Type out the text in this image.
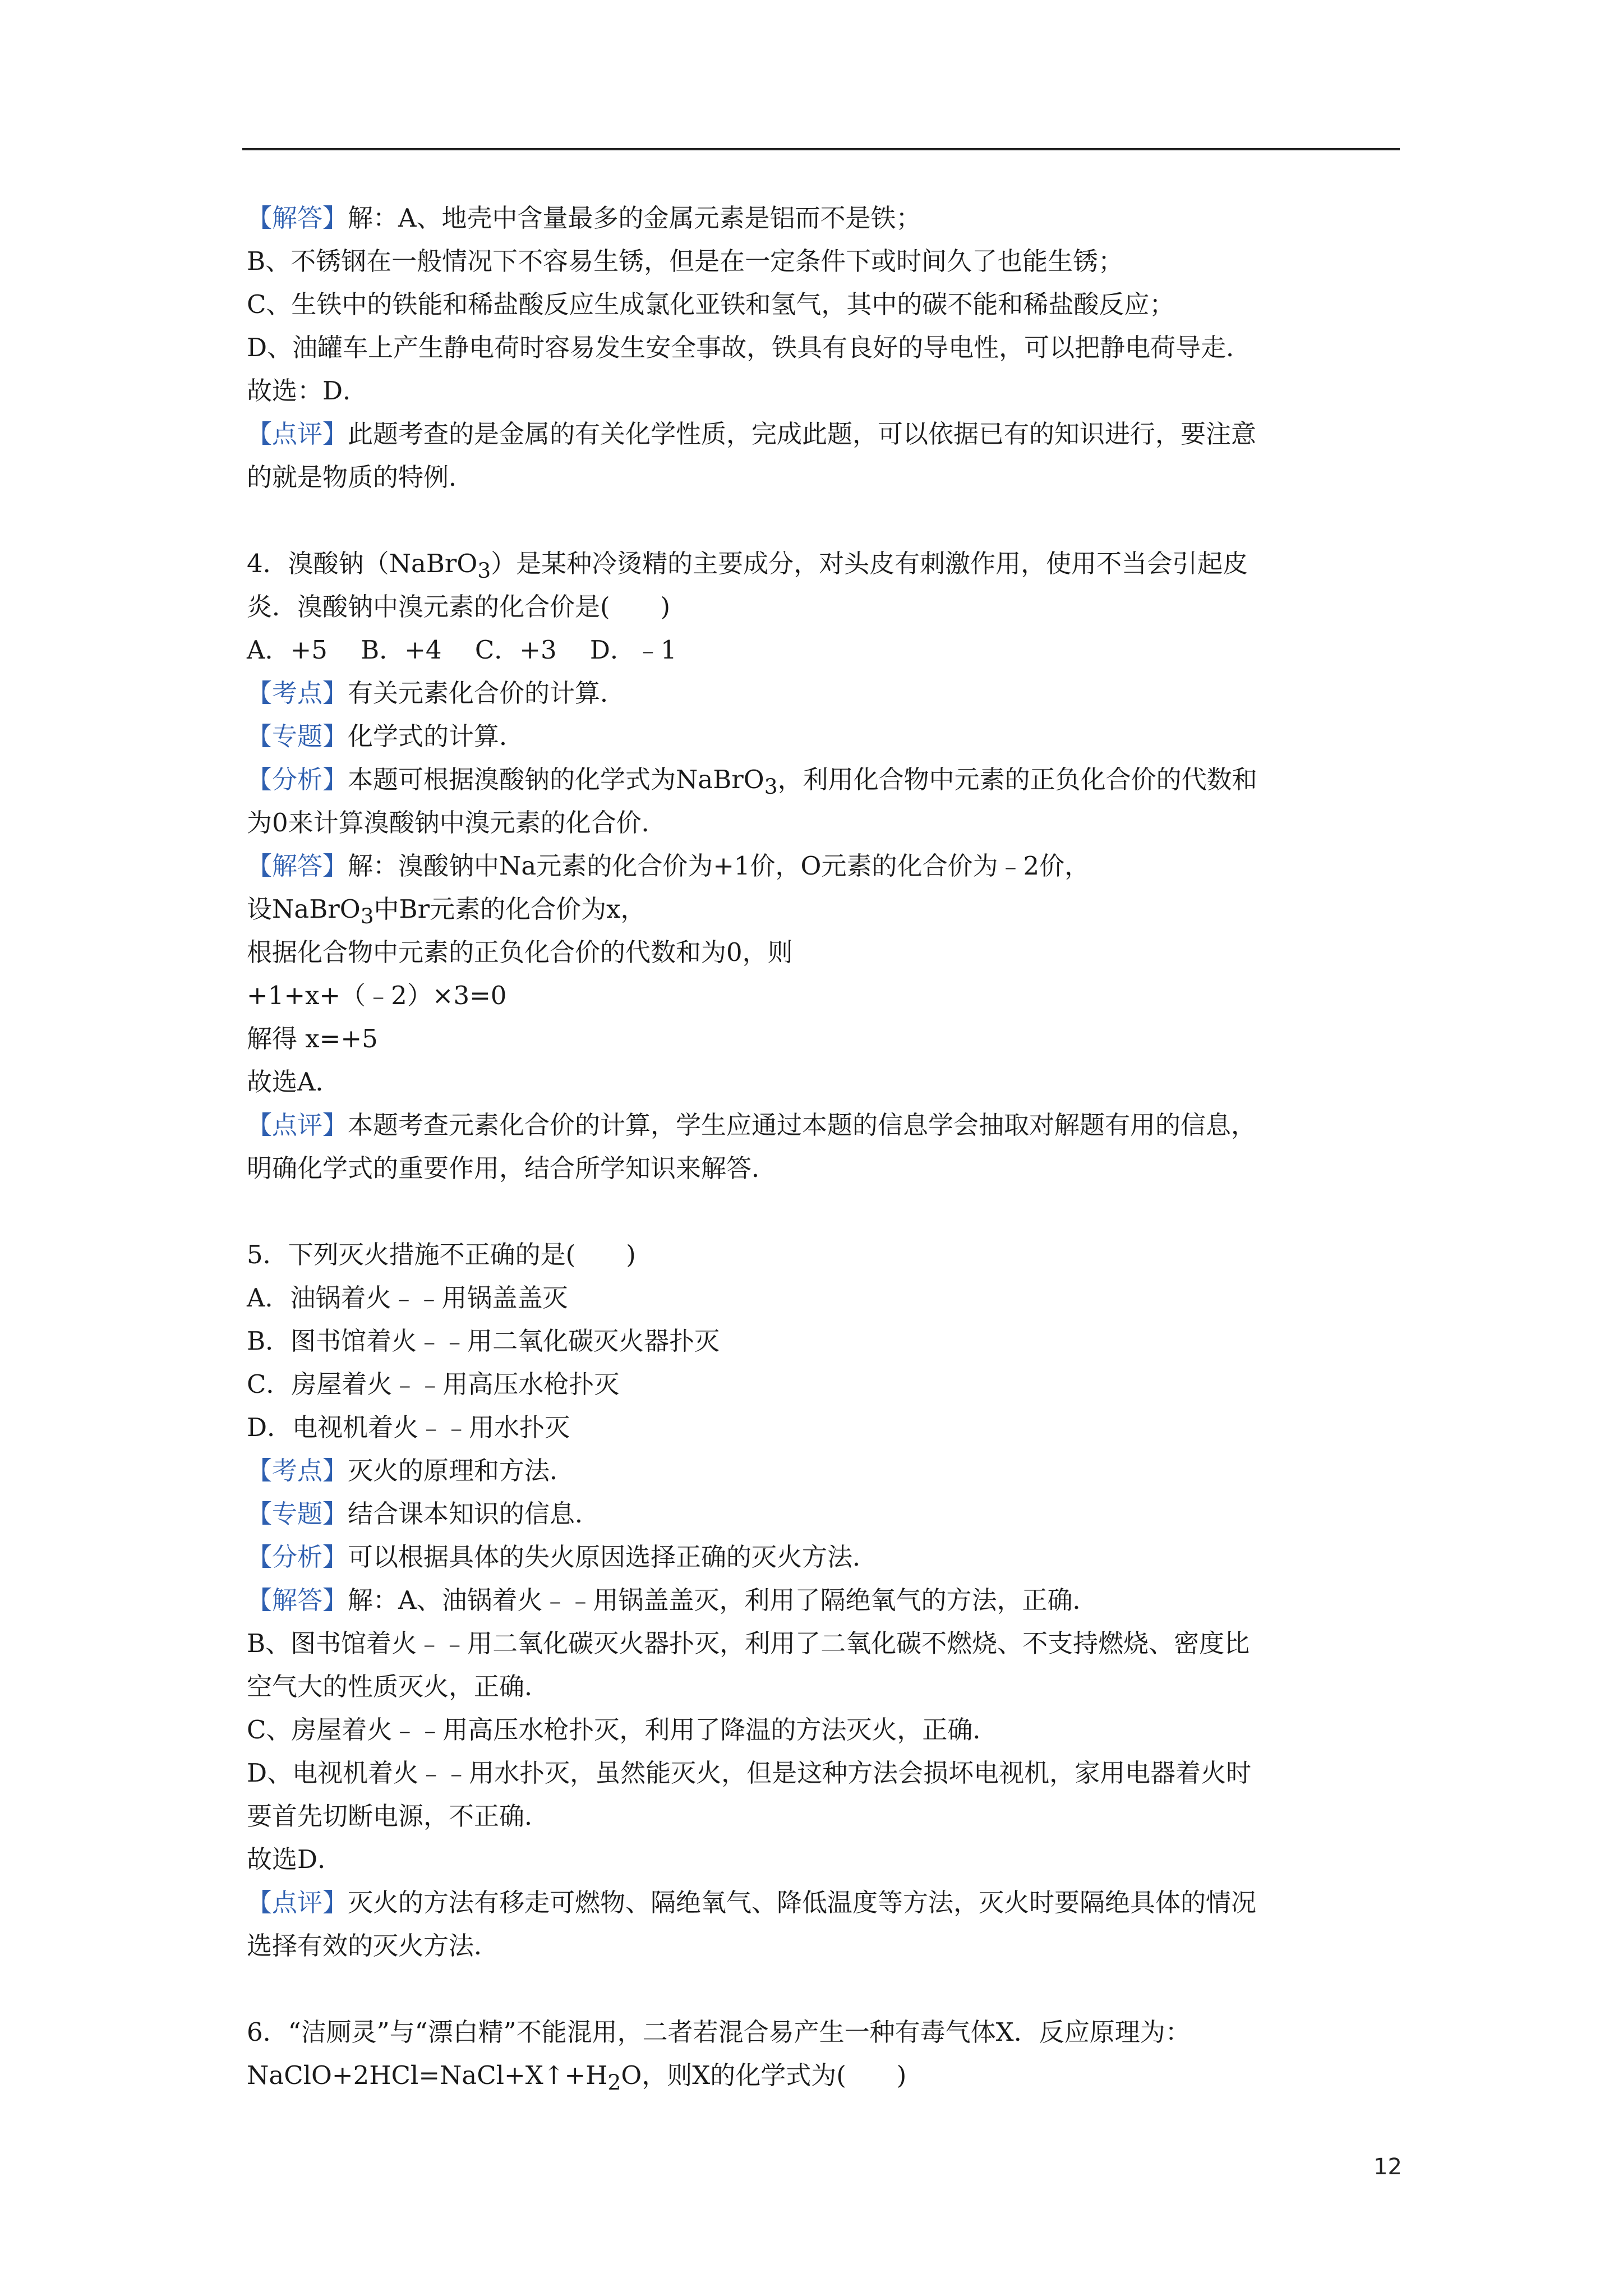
【解答】解：A、地壳中含量最多的金属元素是铝而不是铁；
B、不锈钢在一般情况下不容易生锈，但是在一定条件下或时间久了也能生锈；
C、生铁中的铁能和稀盐酸反应生成氯化亚铁和氢气，其中的碳不能和稀盐酸反应；
D、油罐车上产生静电荷时容易发生安全事故，铁具有良好的导电性，可以把静电荷导走．
故选：D．
【点评】此题考查的是金属的有关化学性质，完成此题，可以依据已有的知识进行，要注意
的就是物质的特例．
4．溴酸钠（NaBrO$_3$）是某种冷烫精的主要成分，对头皮有刺激作用，使用不当会引起皮
炎．溴酸钠中溴元素的化合价是(　　)
A．+5　 B．+4　 C．+3　 D．﹣1
【考点】有关元素化合价的计算．
【专题】化学式的计算．
【分析】本题可根据溴酸钠的化学式为NaBrO$_3$，利用化合物中元素的正负化合价的代数和
为0来计算溴酸钠中溴元素的化合价．
【解答】解：溴酸钠中Na元素的化合价为+1价，O元素的化合价为﹣2价，
设NaBrO$_3$中Br元素的化合价为x，
根据化合物中元素的正负化合价的代数和为0，则
+1+x+（﹣2）×3=0
解得 x=+5
故选A．
【点评】本题考查元素化合价的计算，学生应通过本题的信息学会抽取对解题有用的信息，
明确化学式的重要作用，结合所学知识来解答．
5．下列灭火措施不正确的是(　　)
A．油锅着火﹣﹣用锅盖盖灭
B．图书馆着火﹣﹣用二氧化碳灭火器扑灭
C．房屋着火﹣﹣用高压水枪扑灭
D．电视机着火﹣﹣用水扑灭
【考点】灭火的原理和方法．
【专题】结合课本知识的信息．
【分析】可以根据具体的失火原因选择正确的灭火方法．
【解答】解：A、油锅着火﹣﹣用锅盖盖灭，利用了隔绝氧气的方法，正确．
B、图书馆着火﹣﹣用二氧化碳灭火器扑灭，利用了二氧化碳不燃烧、不支持燃烧、密度比
空气大的性质灭火，正确．
C、房屋着火﹣﹣用高压水枪扑灭，利用了降温的方法灭火，正确．
D、电视机着火﹣﹣用水扑灭，虽然能灭火，但是这种方法会损坏电视机，家用电器着火时
要首先切断电源，不正确．
故选D．
【点评】灭火的方法有移走可燃物、隔绝氧气、降低温度等方法，灭火时要隔绝具体的情况
选择有效的灭火方法．
6．“洁厕灵”与“漂白精”不能混用，二者若混合易产生一种有毒气体X．反应原理为：
$NaClO+2HCl=NaCl+X↑+H_2O$，则X的化学式为(　　)
12
